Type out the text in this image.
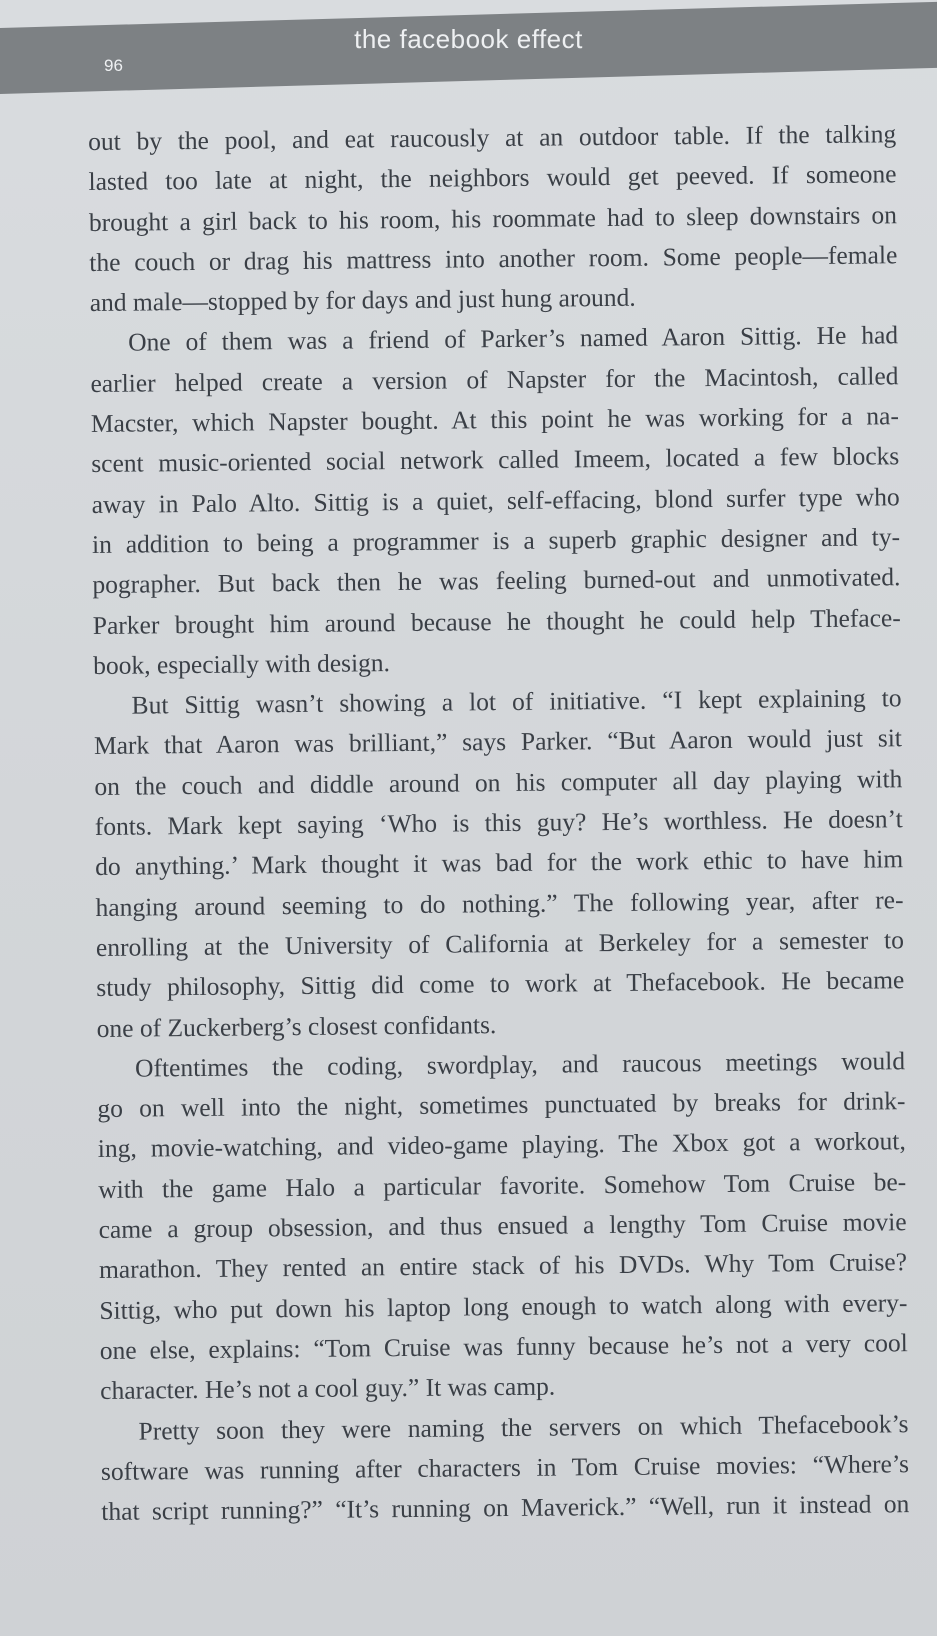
the facebook effect
96
out by the pool, and eat raucously at an outdoor table. If the talking
lasted too late at night, the neighbors would get peeved. If someone
brought a girl back to his room, his roommate had to sleep downstairs on
the couch or drag his mattress into another room. Some people—female
and male—stopped by for days and just hung around.
One of them was a friend of Parker’s named Aaron Sittig. He had
earlier helped create a version of Napster for the Macintosh, called
Macster, which Napster bought. At this point he was working for a na-
scent music-oriented social network called Imeem, located a few blocks
away in Palo Alto. Sittig is a quiet, self-effacing, blond surfer type who
in addition to being a programmer is a superb graphic designer and ty-
pographer. But back then he was feeling burned-out and unmotivated.
Parker brought him around because he thought he could help Theface-
book, especially with design.
But Sittig wasn’t showing a lot of initiative. “I kept explaining to
Mark that Aaron was brilliant,” says Parker. “But Aaron would just sit
on the couch and diddle around on his computer all day playing with
fonts. Mark kept saying ‘Who is this guy? He’s worthless. He doesn’t
do anything.’ Mark thought it was bad for the work ethic to have him
hanging around seeming to do nothing.” The following year, after re-
enrolling at the University of California at Berkeley for a semester to
study philosophy, Sittig did come to work at Thefacebook. He became
one of Zuckerberg’s closest confidants.
Oftentimes the coding, swordplay, and raucous meetings would
go on well into the night, sometimes punctuated by breaks for drink-
ing, movie-watching, and video-game playing. The Xbox got a workout,
with the game Halo a particular favorite. Somehow Tom Cruise be-
came a group obsession, and thus ensued a lengthy Tom Cruise movie
marathon. They rented an entire stack of his DVDs. Why Tom Cruise?
Sittig, who put down his laptop long enough to watch along with every-
one else, explains: “Tom Cruise was funny because he’s not a very cool
character. He’s not a cool guy.” It was camp.
Pretty soon they were naming the servers on which Thefacebook’s
software was running after characters in Tom Cruise movies: “Where’s
that script running?” “It’s running on Maverick.” “Well, run it instead on
